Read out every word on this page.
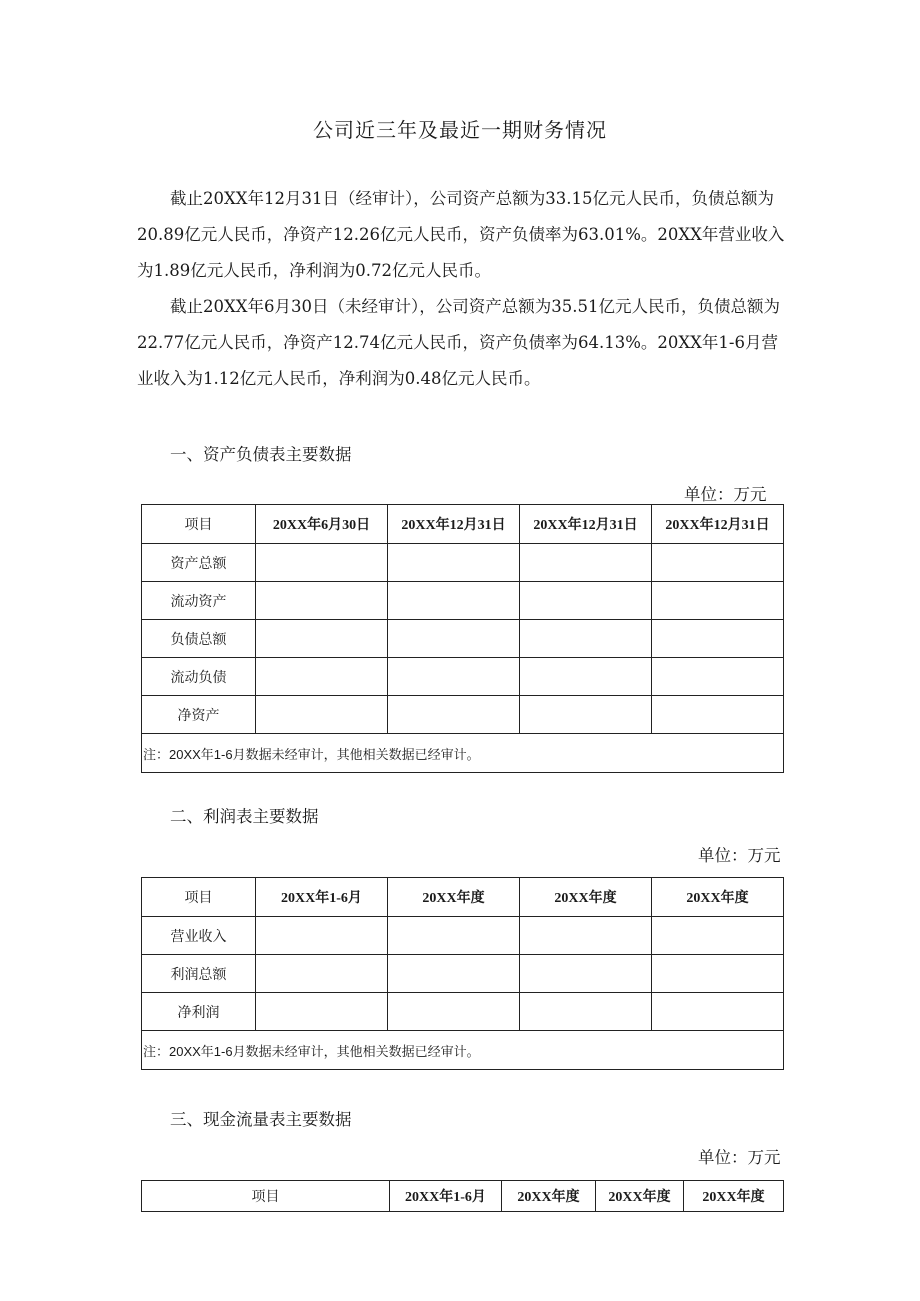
公司近三年及最近一期财务情况

截止20XX年12月31日（经审计），公司资产总额为33.15亿元人民币，负债总额为20.89亿元人民币，净资产12.26亿元人民币，资产负债率为63.01%。20XX年营业收入为1.89亿元人民币，净利润为0.72亿元人民币。

截止20XX年6月30日（未经审计），公司资产总额为35.51亿元人民币，负债总额为22.77亿元人民币，净资产12.74亿元人民币，资产负债率为64.13%。20XX年1-6月营业收入为1.12亿元人民币，净利润为0.48亿元人民币。

一、资产负债表主要数据
单位：万元
项目	20XX年6月30日	20XX年12月31日	20XX年12月31日	20XX年12月31日
资产总额				
流动资产				
负债总额				
流动负债				
净资产				
注：20XX年1-6月数据未经审计，其他相关数据已经审计。				
二、利润表主要数据
单位：万元
项目	20XX年1-6月	20XX年度	20XX年度	20XX年度
营业收入				
利润总额				
净利润				
注：20XX年1-6月数据未经审计，其他相关数据已经审计。				
三、现金流量表主要数据
单位：万元
项目	20XX年1-6月	20XX年度	20XX年度	20XX年度
